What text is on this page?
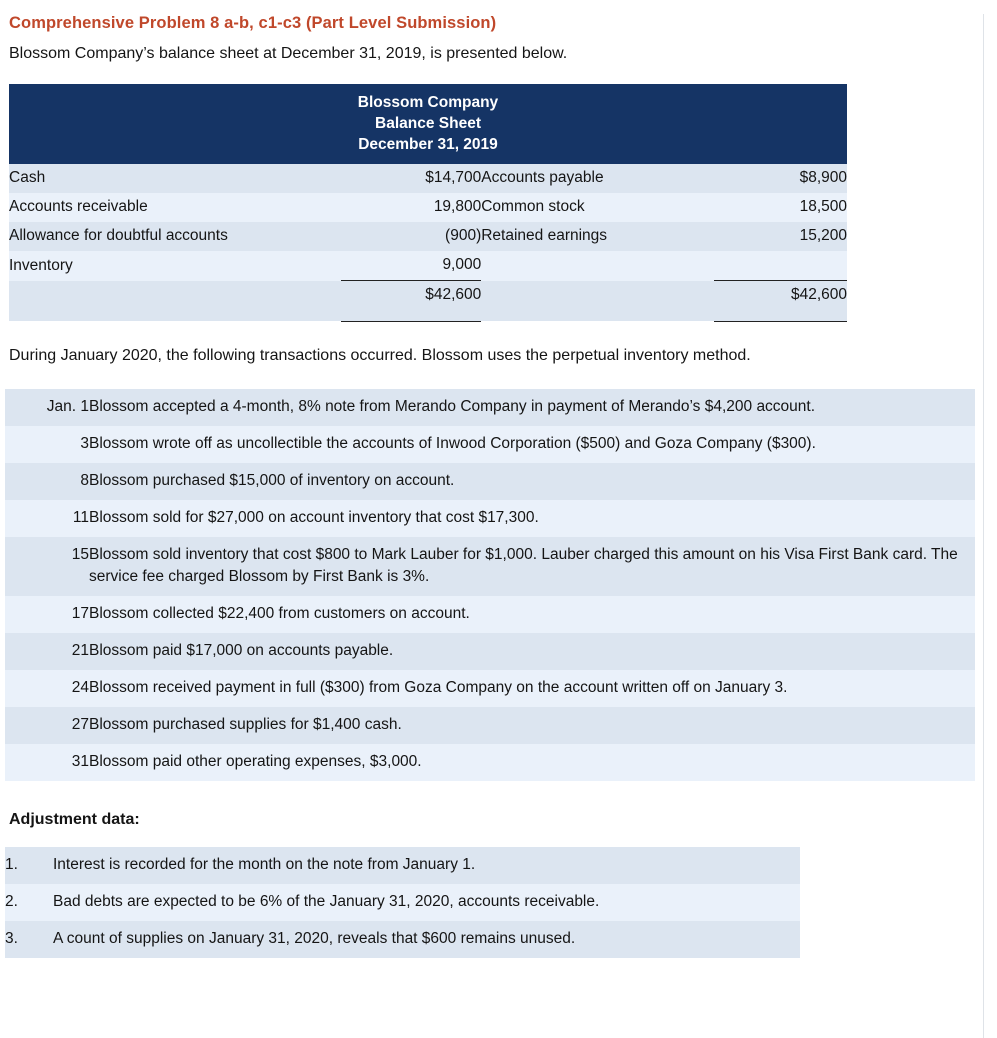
Comprehensive Problem 8 a-b, c1-c3 (Part Level Submission)
Blossom Company’s balance sheet at December 31, 2019, is presented below.
Blossom Company
Balance Sheet
December 31, 2019
Cash	$14,700	Accounts payable	$8,900
Accounts receivable	19,800	Common stock	18,500
Allowance for doubtful accounts	(900)	Retained earnings	15,200
Inventory	9,000		
	$42,600		$42,600

During January 2020, the following transactions occurred. Blossom uses the perpetual inventory method.
Jan. 1	Blossom accepted a 4-month, 8% note from Merando Company in payment of Merando’s $4,200 account.
3	Blossom wrote off as uncollectible the accounts of Inwood Corporation ($500) and Goza Company ($300).
8	Blossom purchased $15,000 of inventory on account.
11	Blossom sold for $27,000 on account inventory that cost $17,300.
15	Blossom sold inventory that cost $800 to Mark Lauber for $1,000. Lauber charged this amount on his Visa First Bank card. The service fee charged Blossom by First Bank is 3%.
17	Blossom collected $22,400 from customers on account.
21	Blossom paid $17,000 on accounts payable.
24	Blossom received payment in full ($300) from Goza Company on the account written off on January 3.
27	Blossom purchased supplies for $1,400 cash.
31	Blossom paid other operating expenses, $3,000.
Adjustment data:
1.	Interest is recorded for the month on the note from January 1.
2.	Bad debts are expected to be 6% of the January 31, 2020, accounts receivable.
3.	A count of supplies on January 31, 2020, reveals that $600 remains unused.
